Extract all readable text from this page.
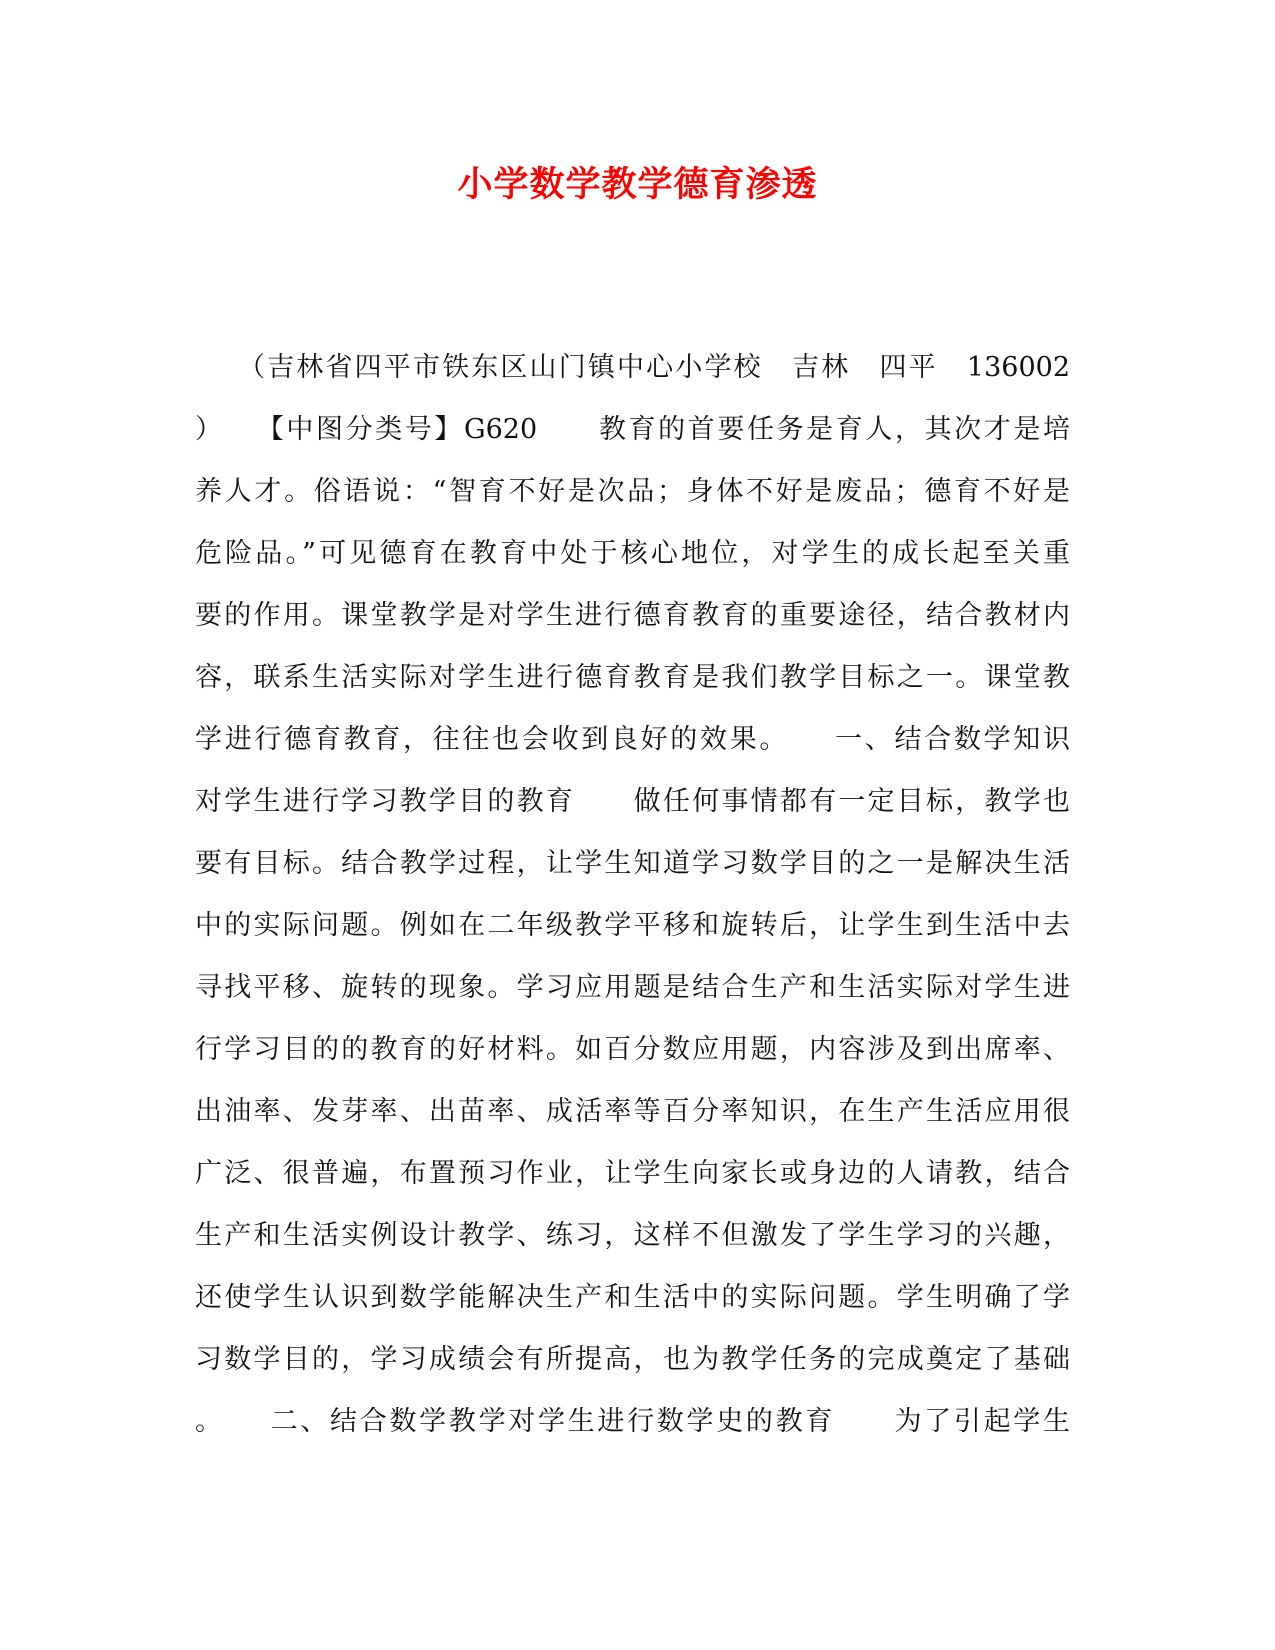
小学数学教学德育渗透
（吉林省四平市铁东区山门镇中心小学校　吉林　四平　136002
）　　【中图分类号】G620　　教育的首要任务是育人，其次才是培
养人才。俗语说：“智育不好是次品；身体不好是废品；德育不好是
危险品。”可见德育在教育中处于核心地位，对学生的成长起至关重
要的作用。课堂教学是对学生进行德育教育的重要途径，结合教材内
容，联系生活实际对学生进行德育教育是我们教学目标之一。课堂教
学进行德育教育，往往也会收到良好的效果。　　一、结合数学知识
对学生进行学习教学目的教育　　做任何事情都有一定目标，教学也
要有目标。结合教学过程，让学生知道学习数学目的之一是解决生活
中的实际问题。例如在二年级教学平移和旋转后，让学生到生活中去
寻找平移、旋转的现象。学习应用题是结合生产和生活实际对学生进
行学习目的的教育的好材料。如百分数应用题，内容涉及到出席率、
出油率、发芽率、出苗率、成活率等百分率知识，在生产生活应用很
广泛、很普遍，布置预习作业，让学生向家长或身边的人请教，结合
生产和生活实例设计教学、练习，这样不但激发了学生学习的兴趣，
还使学生认识到数学能解决生产和生活中的实际问题。学生明确了学
习数学目的，学习成绩会有所提高，也为教学任务的完成奠定了基础
。　　二、结合数学教学对学生进行数学史的教育　　为了引起学生
